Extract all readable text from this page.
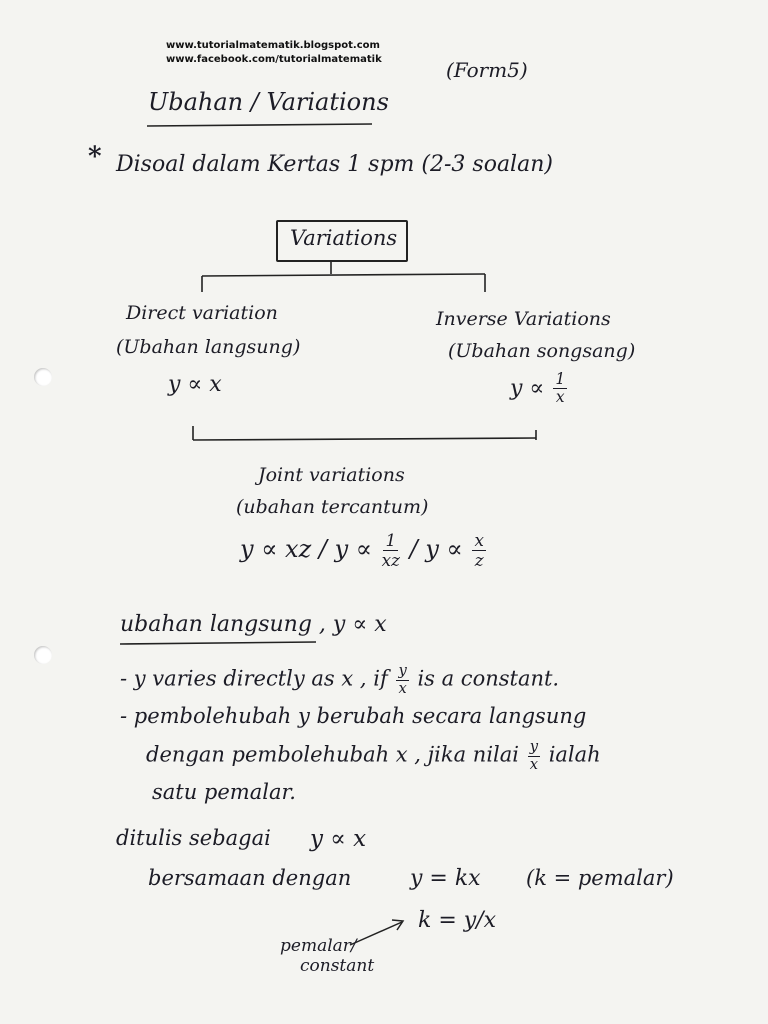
www.tutorialmatematik.blogspot.com
www.facebook.com/tutorialmatematik	(Form5)
Ubahan / Variations
* Disoal dalam Kertas 1 spm (2-3 soalan)
Variations
Direct variation
(Ubahan langsung)
y ∝ x
Inverse Variations
(Ubahan songsang)
$y \propto \frac{1}{x}$
Joint variations
(ubahan tercantum)
y ∝ xz / $y \propto \frac{1}{xz} / y \propto \frac{x}{z}$
ubahan langsung , y ∝ x
- y varies directly as x , if $\frac{y}{x}$ is a constant.
- pembolehubah y berubah secara langsung
dengan pembolehubah x , jika nilai $\frac{y}{x}$ ialah
satu pemalar.
ditulis sebagai y ∝ x
bersamaan dengan	y = kx (k = pemalar)
k = y/x
pemalar/
constant
